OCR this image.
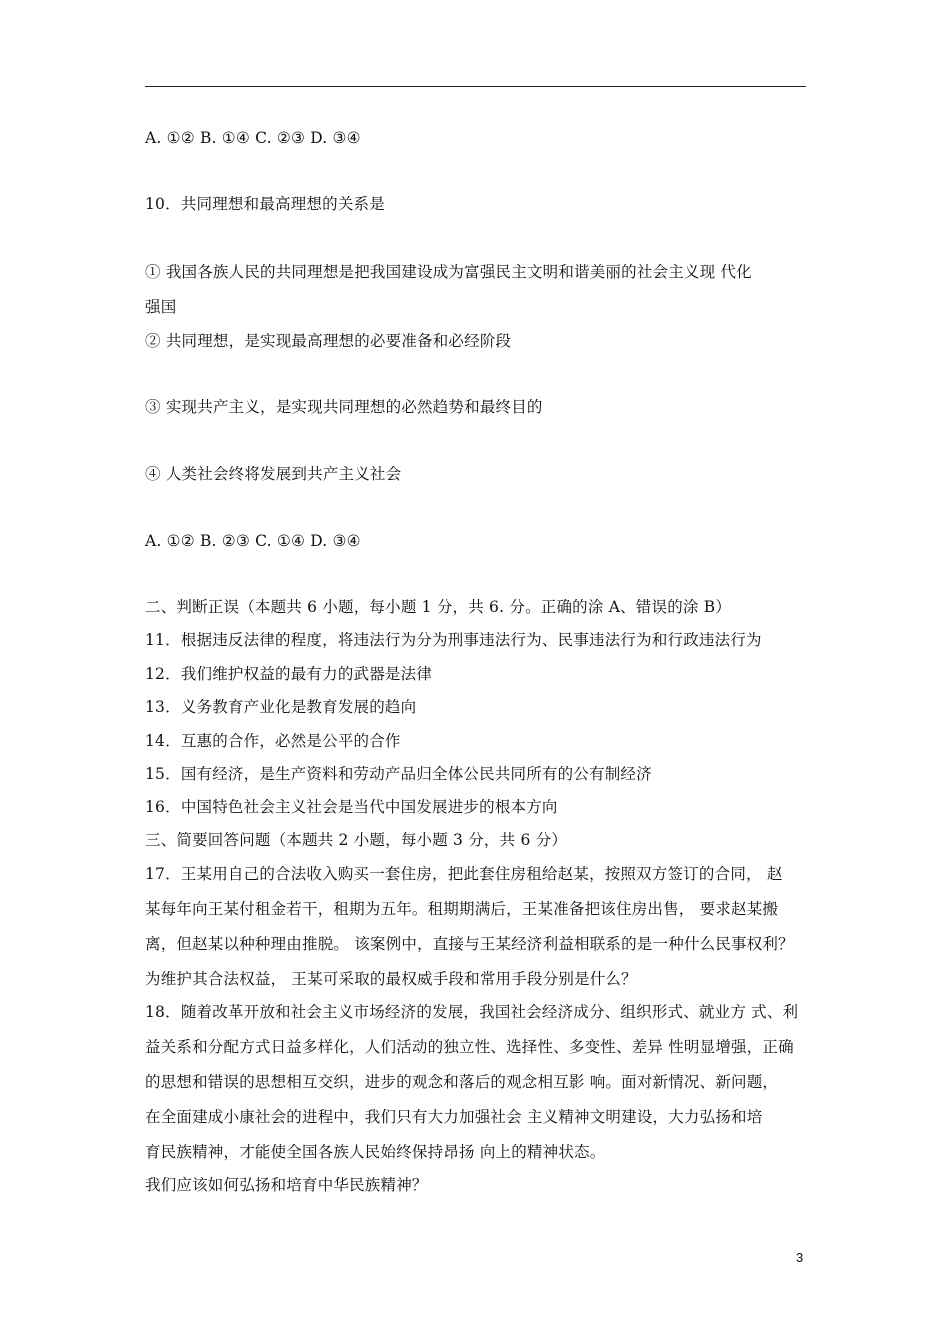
A. ①② B. ①④ C. ②③ D. ③④
10．共同理想和最高理想的关系是
① 我国各族人民的共同理想是把我国建设成为富强民主文明和谐美丽的社会主义现 代化
强国
② 共同理想，是实现最高理想的必要准备和必经阶段
③ 实现共产主义，是实现共同理想的必然趋势和最终目的
④ 人类社会终将发展到共产主义社会
A. ①② B. ②③ C. ①④ D. ③④
二、判断正误（本题共 6 小题，每小题 1 分，共 6. 分。正确的涂 A、错误的涂 B）
11．根据违反法律的程度，将违法行为分为刑事违法行为、民事违法行为和行政违法行为
12．我们维护权益的最有力的武器是法律
13．义务教育产业化是教育发展的趋向
14．互惠的合作，必然是公平的合作
15．国有经济，是生产资料和劳动产品归全体公民共同所有的公有制经济
16．中国特色社会主义社会是当代中国发展进步的根本方向
三、简要回答问题（本题共 2 小题，每小题 3 分，共 6 分）
17．王某用自己的合法收入购买一套住房，把此套住房租给赵某，按照双方签订的合同， 赵
某每年向王某付租金若干，租期为五年。租期期满后，王某准备把该住房出售， 要求赵某搬
离，但赵某以种种理由推脱。 该案例中，直接与王某经济利益相联系的是一种什么民事权利？
为维护其合法权益， 王某可采取的最权威手段和常用手段分别是什么？
18．随着改革开放和社会主义市场经济的发展，我国社会经济成分、组织形式、就业方 式、利
益关系和分配方式日益多样化，人们活动的独立性、选择性、多变性、差异 性明显增强，正确
的思想和错误的思想相互交织，进步的观念和落后的观念相互影 响。面对新情况、新问题，
在全面建成小康社会的进程中，我们只有大力加强社会 主义精神文明建设，大力弘扬和培
育民族精神，才能使全国各族人民始终保持昂扬 向上的精神状态。
我们应该如何弘扬和培育中华民族精神？
3
